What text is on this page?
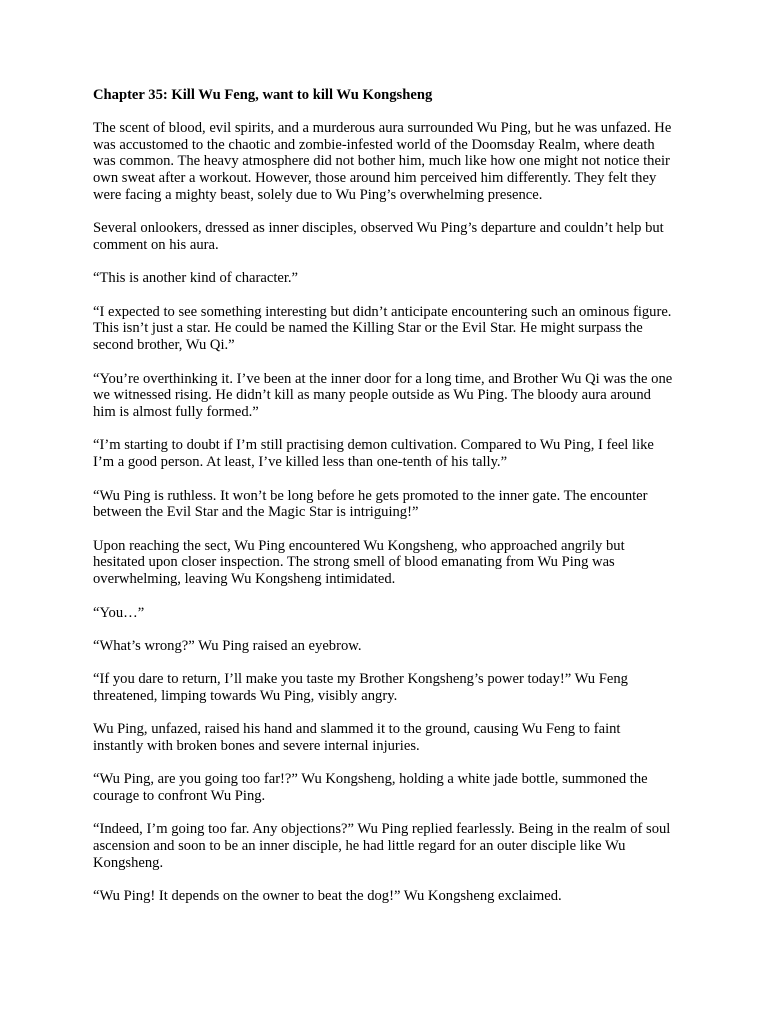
Chapter 35: Kill Wu Feng, want to kill Wu Kongsheng
The scent of blood, evil spirits, and a murderous aura surrounded Wu Ping, but he was unfazed. He was accustomed to the chaotic and zombie-infested world of the Doomsday Realm, where death was common. The heavy atmosphere did not bother him, much like how one might not notice their own sweat after a workout. However, those around him perceived him differently. They felt they were facing a mighty beast, solely due to Wu Ping’s overwhelming presence.
Several onlookers, dressed as inner disciples, observed Wu Ping’s departure and couldn’t help but comment on his aura.
“This is another kind of character.”
“I expected to see something interesting but didn’t anticipate encountering such an ominous figure. This isn’t just a star. He could be named the Killing Star or the Evil Star. He might surpass the second brother, Wu Qi.”
“You’re overthinking it. I’ve been at the inner door for a long time, and Brother Wu Qi was the one we witnessed rising. He didn’t kill as many people outside as Wu Ping. The bloody aura around him is almost fully formed.”
“I’m starting to doubt if I’m still practising demon cultivation. Compared to Wu Ping, I feel like I’m a good person. At least, I’ve killed less than one-tenth of his tally.”
“Wu Ping is ruthless. It won’t be long before he gets promoted to the inner gate. The encounter between the Evil Star and the Magic Star is intriguing!”
Upon reaching the sect, Wu Ping encountered Wu Kongsheng, who approached angrily but hesitated upon closer inspection. The strong smell of blood emanating from Wu Ping was overwhelming, leaving Wu Kongsheng intimidated.
“You…”
“What’s wrong?” Wu Ping raised an eyebrow.
“If you dare to return, I’ll make you taste my Brother Kongsheng’s power today!” Wu Feng threatened, limping towards Wu Ping, visibly angry.
Wu Ping, unfazed, raised his hand and slammed it to the ground, causing Wu Feng to faint instantly with broken bones and severe internal injuries.
“Wu Ping, are you going too far!?” Wu Kongsheng, holding a white jade bottle, summoned the courage to confront Wu Ping.
“Indeed, I’m going too far. Any objections?” Wu Ping replied fearlessly. Being in the realm of soul ascension and soon to be an inner disciple, he had little regard for an outer disciple like Wu Kongsheng.
“Wu Ping! It depends on the owner to beat the dog!” Wu Kongsheng exclaimed.
